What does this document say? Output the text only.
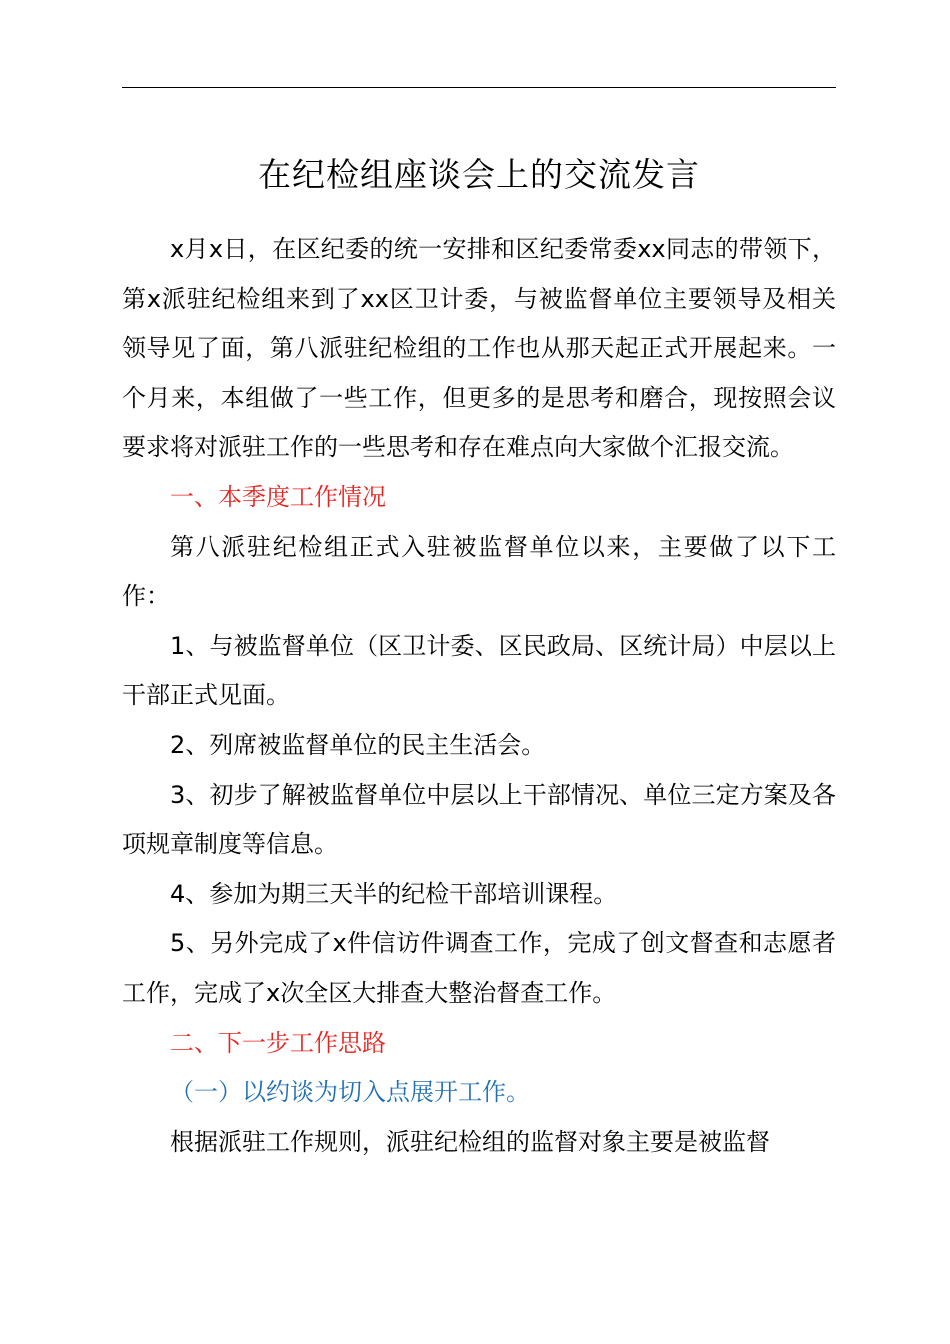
在纪检组座谈会上的交流发言

x月x日，在区纪委的统一安排和区纪委常委xx同志的带领下，第x派驻纪检组来到了xx区卫计委，与被监督单位主要领导及相关领导见了面，第八派驻纪检组的工作也从那天起正式开展起来。一个月来，本组做了一些工作，但更多的是思考和磨合，现按照会议要求将对派驻工作的一些思考和存在难点向大家做个汇报交流。

一、本季度工作情况

第八派驻纪检组正式入驻被监督单位以来，主要做了以下工作：

1、与被监督单位（区卫计委、区民政局、区统计局）中层以上干部正式见面。

2、列席被监督单位的民主生活会。

3、初步了解被监督单位中层以上干部情况、单位三定方案及各项规章制度等信息。

4、参加为期三天半的纪检干部培训课程。

5、另外完成了x件信访件调查工作，完成了创文督查和志愿者工作，完成了x次全区大排查大整治督查工作。

二、下一步工作思路

（一）以约谈为切入点展开工作。

根据派驻工作规则，派驻纪检组的监督对象主要是被监督
